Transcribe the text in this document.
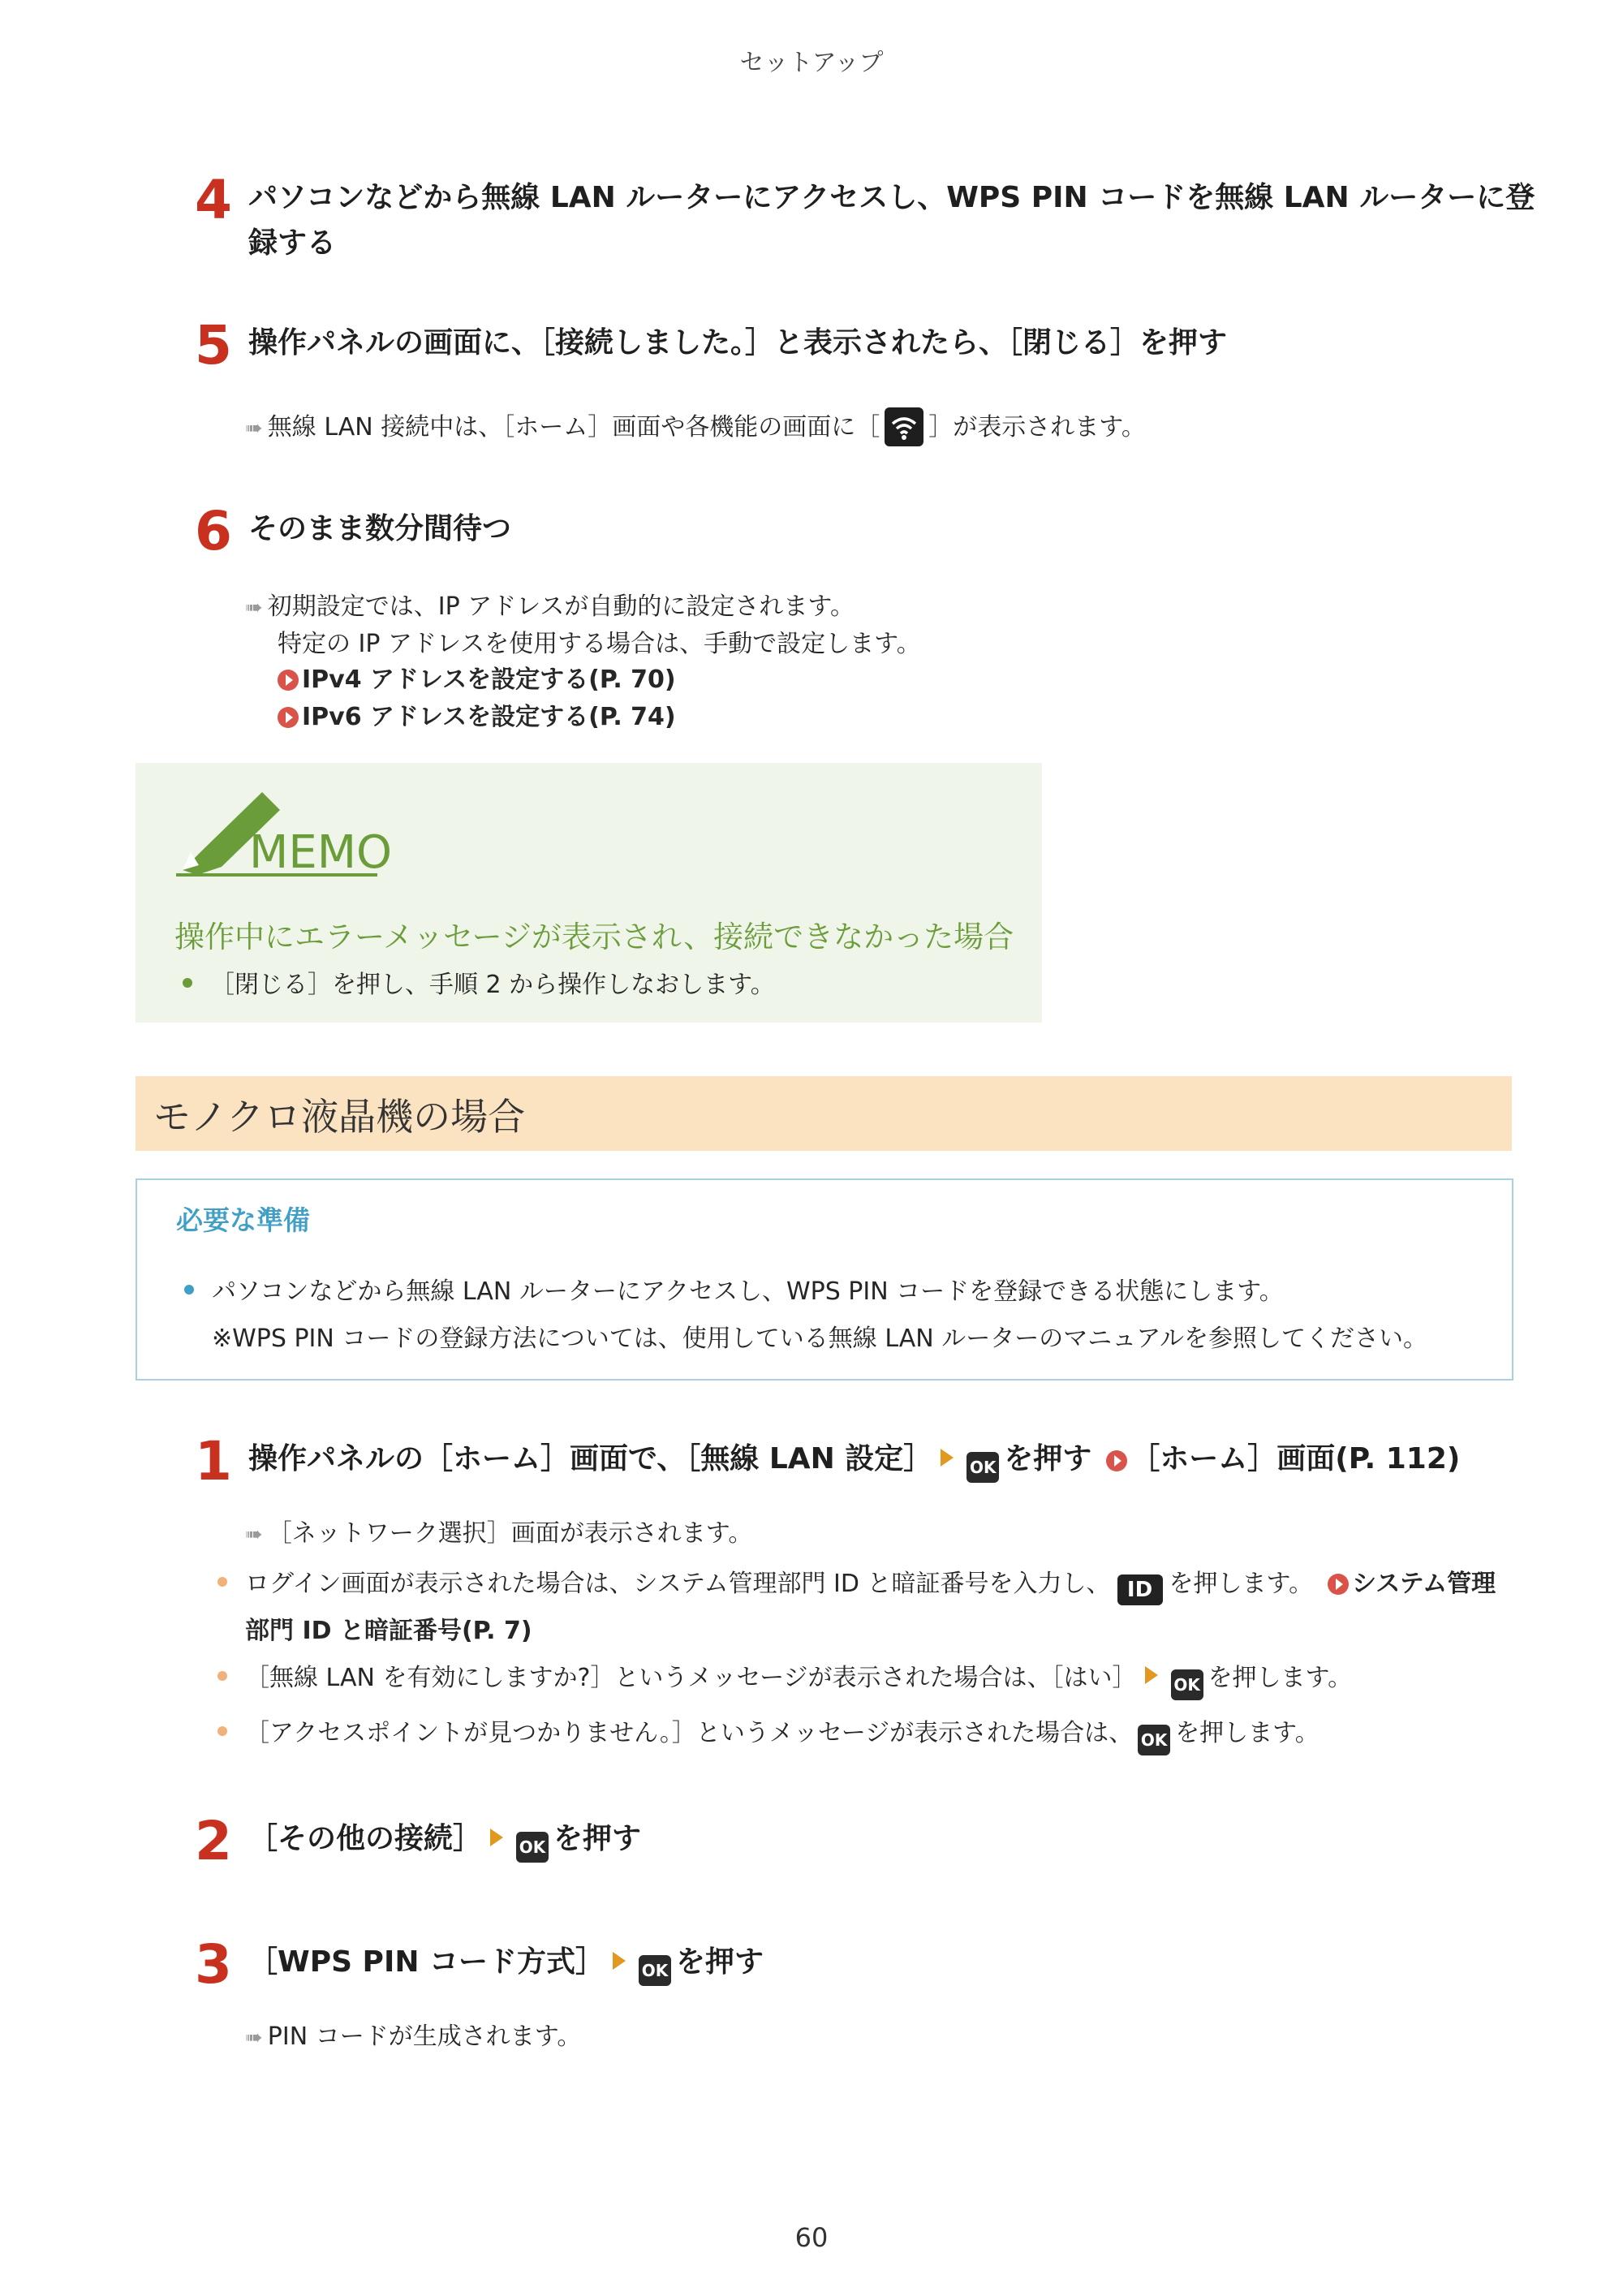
セットアップ
4 パソコンなどから無線 LAN ルーターにアクセスし、WPS PIN コードを無線 LAN ルーターに登
録する
5 操作パネルの画面に、［接続しました。］と表示されたら、［閉じる］を押す
➠ 無線 LAN 接続中は、［ホーム］画面や各機能の画面に［ ］が表示されます。
6 そのまま数分間待つ
➠ 初期設定では、IP アドレスが自動的に設定されます。
特定の IP アドレスを使用する場合は、手動で設定します。
IPv4 アドレスを設定する(P. 70)
IPv6 アドレスを設定する(P. 74)
MEMO
操作中にエラーメッセージが表示され、接続できなかった場合
［閉じる］を押し、手順 2 から操作しなおします。
モノクロ液晶機の場合
必要な準備
パソコンなどから無線 LAN ルーターにアクセスし、WPS PIN コードを登録できる状態にします。
※WPS PIN コードの登録方法については、使用している無線 LAN ルーターのマニュアルを参照してください。
1 操作パネルの［ホーム］画面で、［無線 LAN 設定］ OK を押す ［ホーム］画面(P. 112)
➠ ［ネットワーク選択］画面が表示されます。
ログイン画面が表示された場合は、システム管理部門 ID と暗証番号を入力し、 ID を押します。 システム管理
部門 ID と暗証番号(P. 7)
［無線 LAN を有効にしますか?］というメッセージが表示された場合は、［はい］ OK を押します。
［アクセスポイントが見つかりません。］というメッセージが表示された場合は、 OK を押します。
2 ［その他の接続］ OK を押す
3 ［WPS PIN コード方式］ OK を押す
➠ PIN コードが生成されます。
60
